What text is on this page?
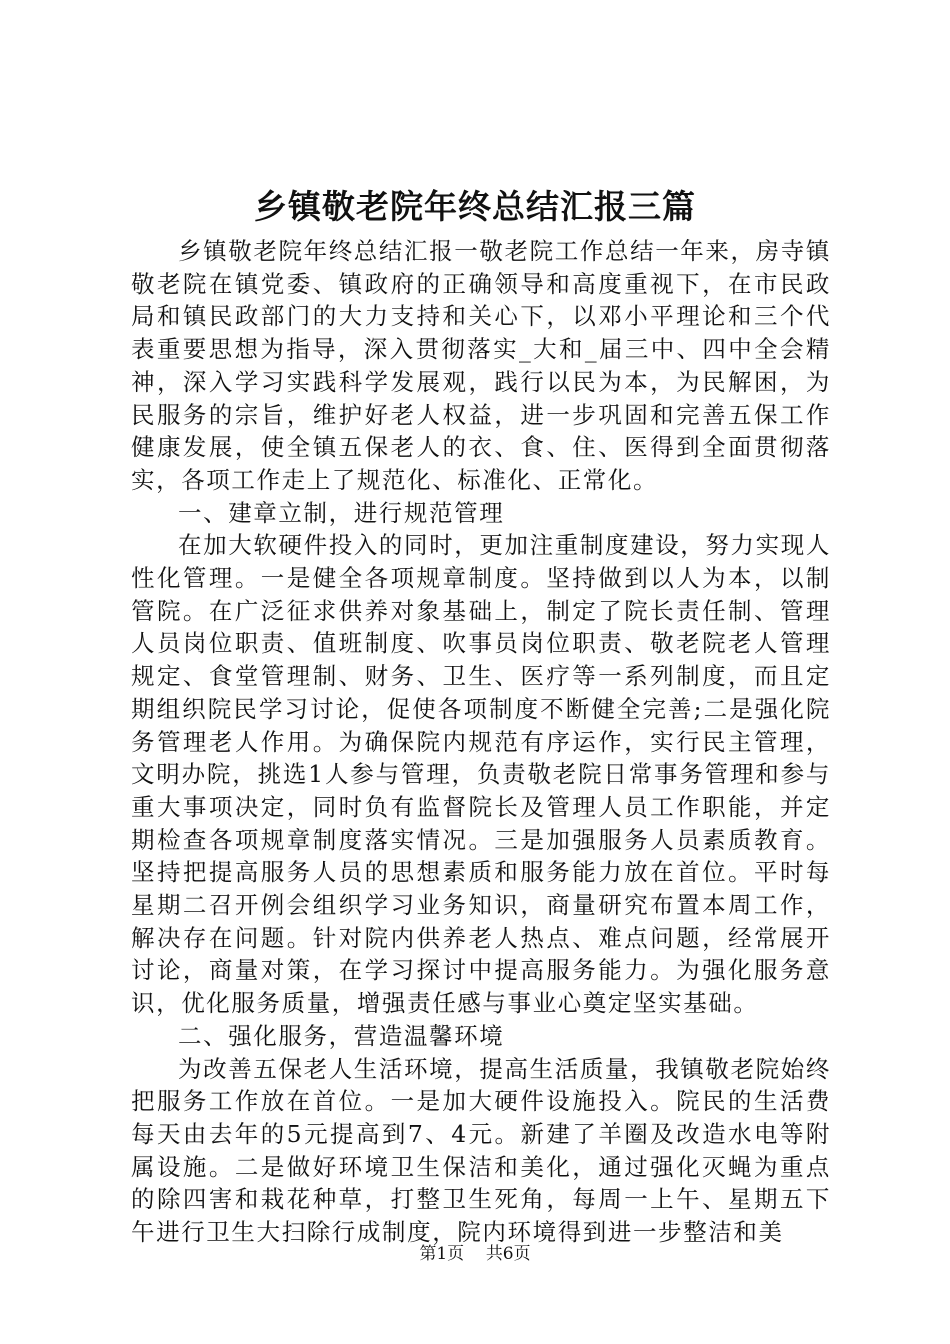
乡镇敬老院年终总结汇报三篇

乡镇敬老院年终总结汇报一敬老院工作总结一年来，房寺镇敬老院在镇党委、镇政府的正确领导和高度重视下，在市民政局和镇民政部门的大力支持和关心下，以邓小平理论和三个代表重要思想为指导，深入贯彻落实_大和_届三中、四中全会精神，深入学习实践科学发展观，践行以民为本，为民解困，为民服务的宗旨，维护好老人权益，进一步巩固和完善五保工作健康发展，使全镇五保老人的衣、食、住、医得到全面贯彻落实，各项工作走上了规范化、标准化、正常化。

一、建章立制，进行规范管理

在加大软硬件投入的同时，更加注重制度建设，努力实现人性化管理。一是健全各项规章制度。坚持做到以人为本，以制管院。在广泛征求供养对象基础上，制定了院长责任制、管理人员岗位职责、值班制度、吹事员岗位职责、敬老院老人管理规定、食堂管理制、财务、卫生、医疗等一系列制度，而且定期组织院民学习讨论，促使各项制度不断健全完善;二是强化院务管理老人作用。为确保院内规范有序运作，实行民主管理，文明办院，挑选1人参与管理，负责敬老院日常事务管理和参与重大事项决定，同时负有监督院长及管理人员工作职能，并定期检查各项规章制度落实情况。三是加强服务人员素质教育。坚持把提高服务人员的思想素质和服务能力放在首位。平时每星期二召开例会组织学习业务知识，商量研究布置本周工作，解决存在问题。针对院内供养老人热点、难点问题，经常展开讨论，商量对策，在学习探讨中提高服务能力。为强化服务意识，优化服务质量，增强责任感与事业心奠定坚实基础。

二、强化服务，营造温馨环境

为改善五保老人生活环境，提高生活质量，我镇敬老院始终把服务工作放在首位。一是加大硬件设施投入。院民的生活费每天由去年的5元提高到7、4元。新建了羊圈及改造水电等附属设施。二是做好环境卫生保洁和美化，通过强化灭蝇为重点的除四害和栽花种草，打整卫生死角，每周一上午、星期五下午进行卫生大扫除行成制度，院内环境得到进一步整洁和美

第1页 共6页
